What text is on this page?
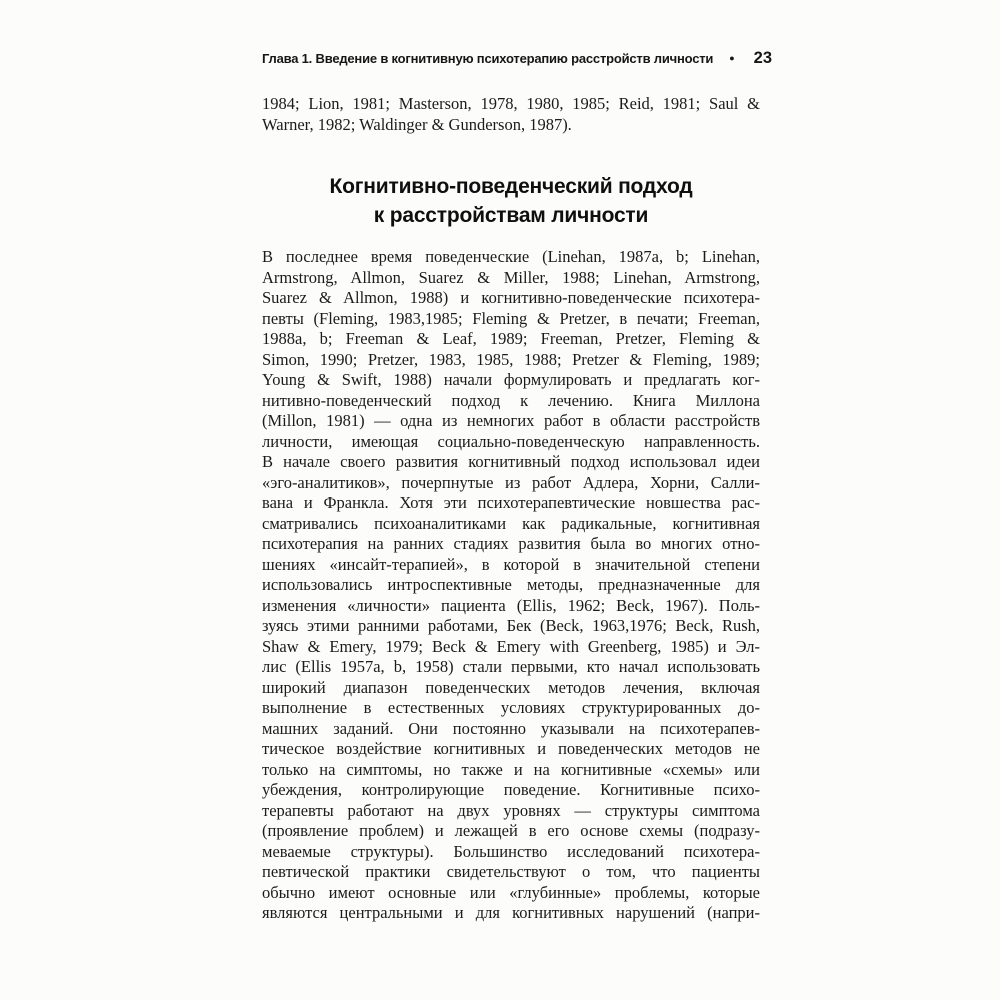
Глава 1. Введение в когнитивную психотерапию расстройств личности ● 23
1984; Lion, 1981; Masterson, 1978, 1980, 1985; Reid, 1981; Saul &
Warner, 1982; Waldinger & Gunderson, 1987).
Когнитивно-поведенческий подход
к расстройствам личности
В последнее время поведенческие (Linehan, 1987a, b; Linehan,
Armstrong, Allmon, Suarez & Miller, 1988; Linehan, Armstrong,
Suarez & Allmon, 1988) и когнитивно-поведенческие психотера-
певты (Fleming, 1983,1985; Fleming & Pretzer, в печати; Freeman,
1988a, b; Freeman & Leaf, 1989; Freeman, Pretzer, Fleming &
Simon, 1990; Pretzer, 1983, 1985, 1988; Pretzer & Fleming, 1989;
Young & Swift, 1988) начали формулировать и предлагать ког-
нитивно-поведенческий подход к лечению. Книга Миллона
(Millon, 1981) — одна из немногих работ в области расстройств
личности, имеющая социально-поведенческую направленность.
В начале своего развития когнитивный подход использовал идеи
«эго-аналитиков», почерпнутые из работ Адлера, Хорни, Салли-
вана и Франкла. Хотя эти психотерапевтические новшества рас-
сматривались психоаналитиками как радикальные, когнитивная
психотерапия на ранних стадиях развития была во многих отно-
шениях «инсайт-терапией», в которой в значительной степени
использовались интроспективные методы, предназначенные для
изменения «личности» пациента (Ellis, 1962; Beck, 1967). Поль-
зуясь этими ранними работами, Бек (Beck, 1963,1976; Beck, Rush,
Shaw & Emery, 1979; Beck & Emery with Greenberg, 1985) и Эл-
лис (Ellis 1957a, b, 1958) стали первыми, кто начал использовать
широкий диапазон поведенческих методов лечения, включая
выполнение в естественных условиях структурированных до-
машних заданий. Они постоянно указывали на психотерапев-
тическое воздействие когнитивных и поведенческих методов не
только на симптомы, но также и на когнитивные «схемы» или
убеждения, контролирующие поведение. Когнитивные психо-
терапевты работают на двух уровнях — структуры симптома
(проявление проблем) и лежащей в его основе схемы (подразу-
меваемые структуры). Большинство исследований психотера-
певтической практики свидетельствуют о том, что пациенты
обычно имеют основные или «глубинные» проблемы, которые
являются центральными и для когнитивных нарушений (напри-
